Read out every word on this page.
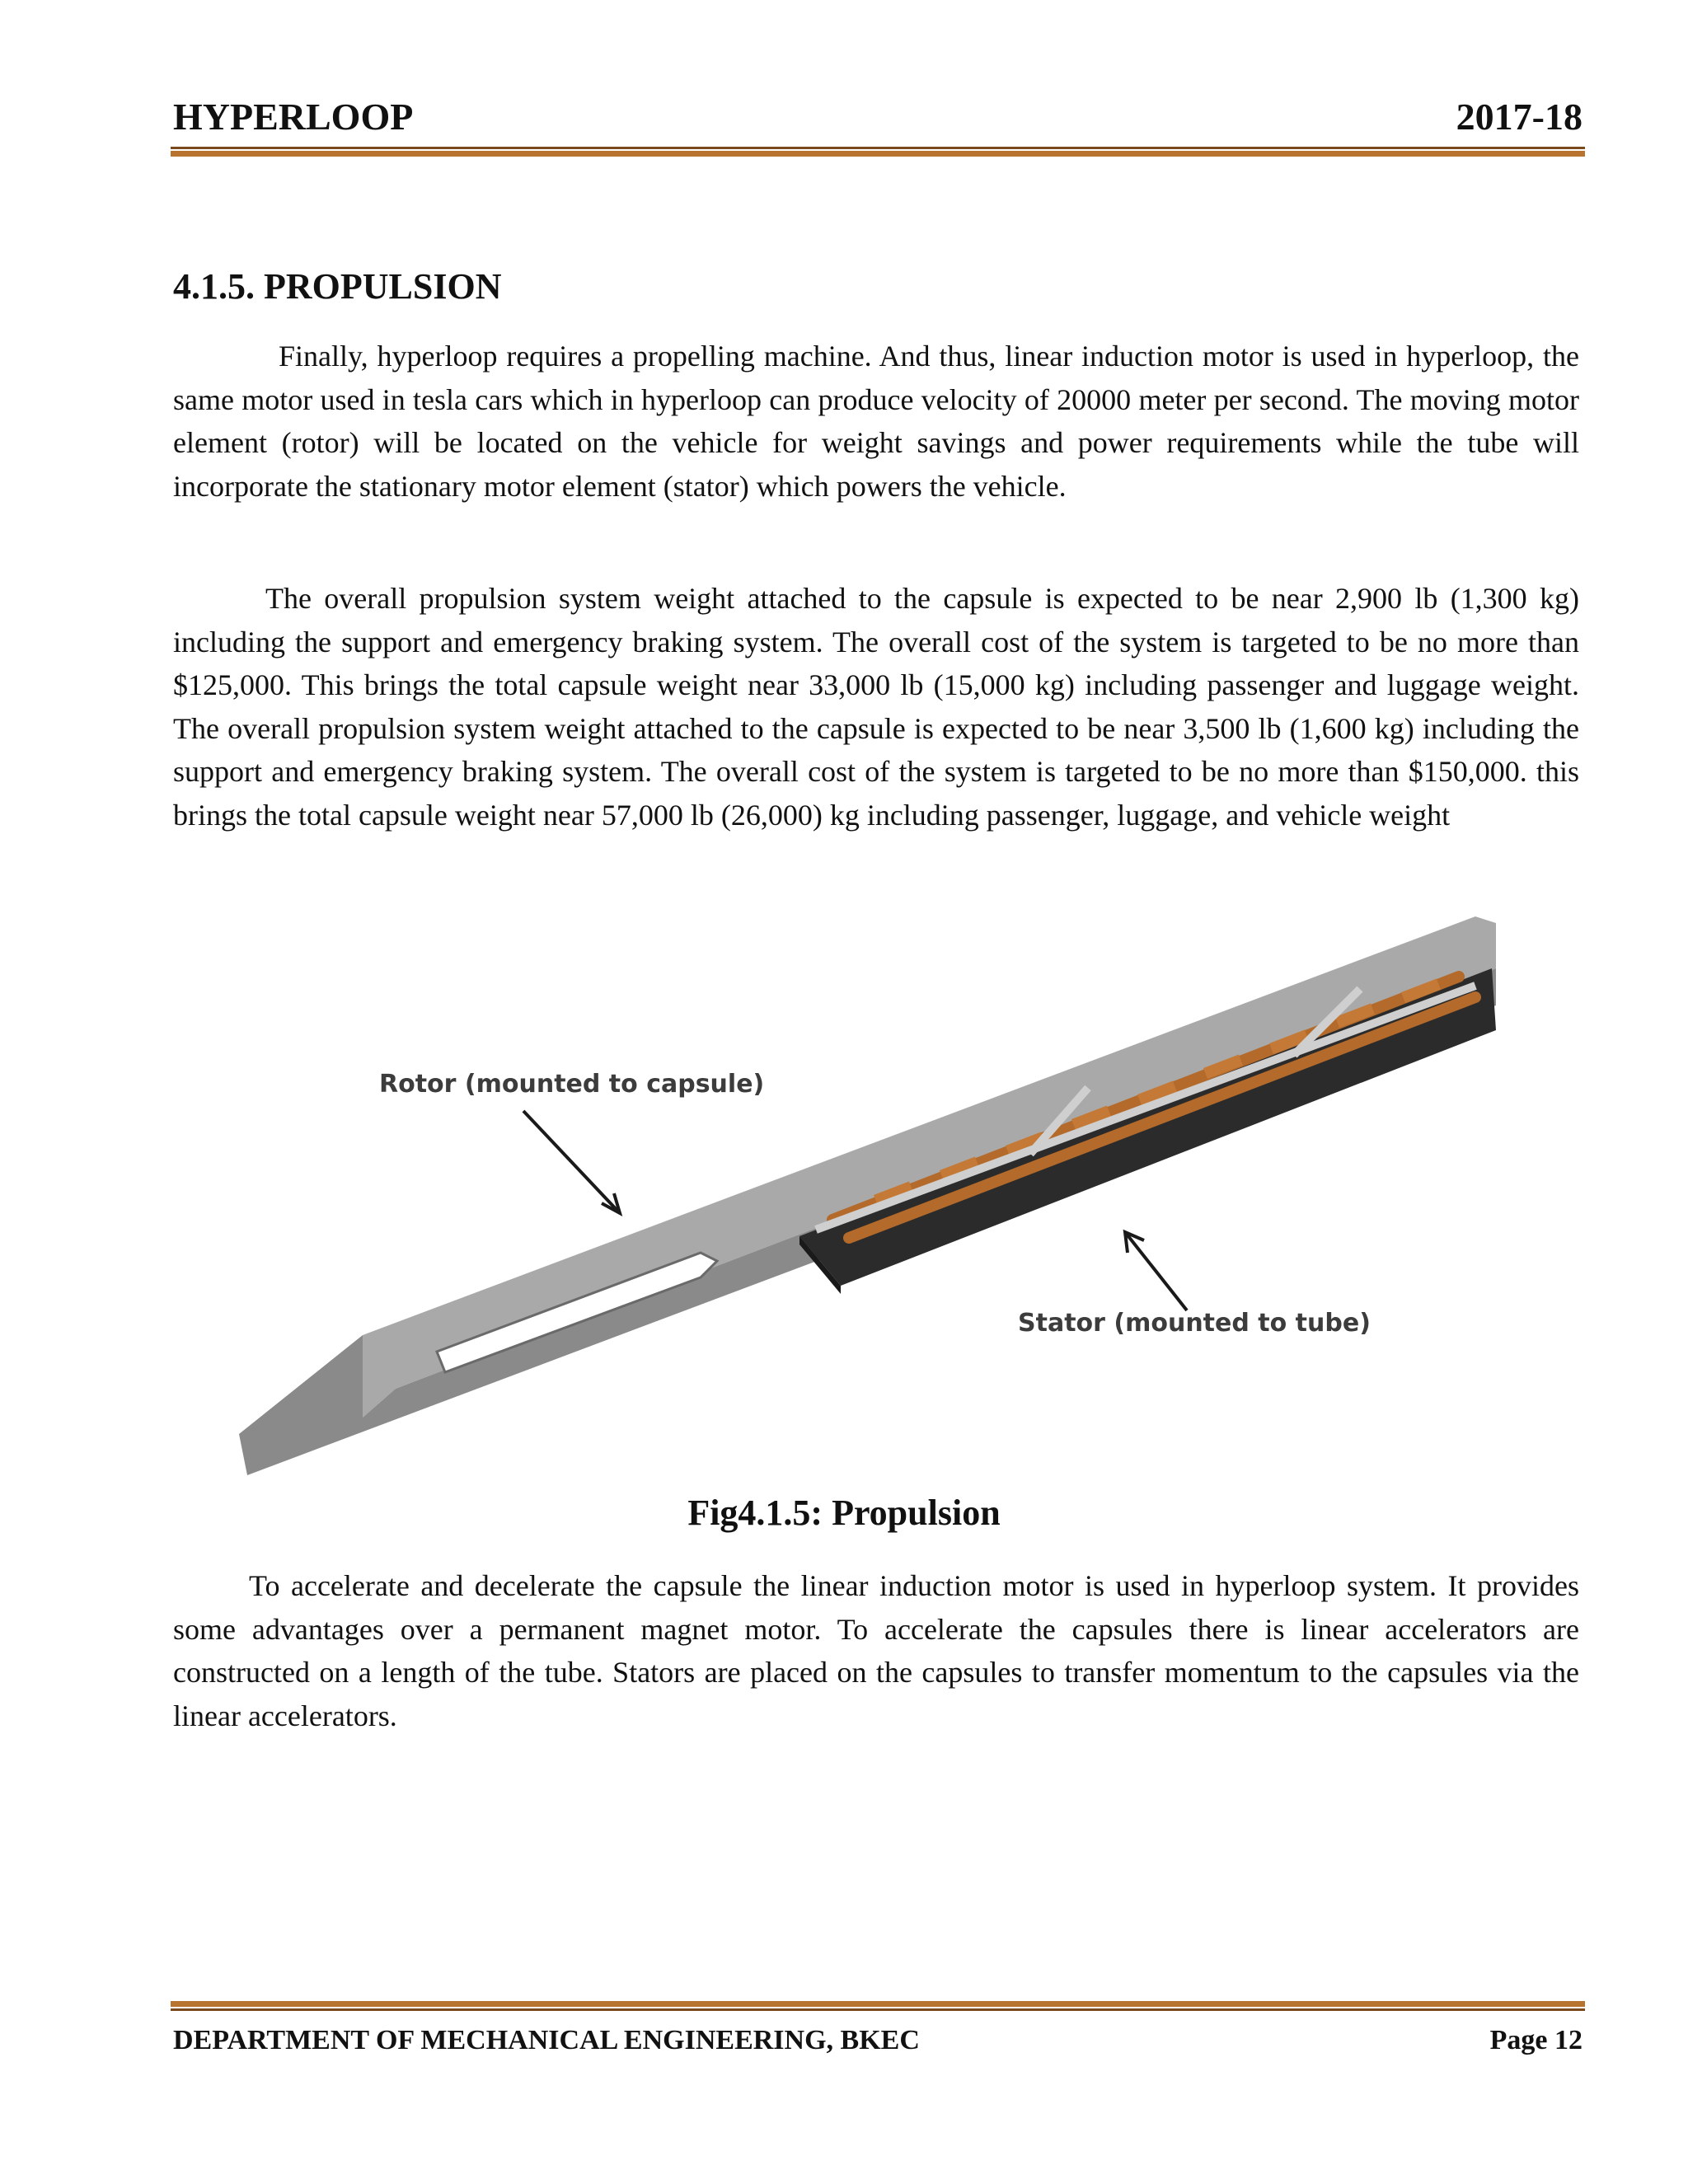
HYPERLOOP	2017-18
4.1.5. PROPULSION

Finally, hyperloop requires a propelling machine. And thus, linear induction motor is used in hyperloop, the same motor used in tesla cars which in hyperloop can produce velocity of 20000 meter per second. The moving motor element (rotor) will be located on the vehicle for weight savings and power requirements while the tube will incorporate the stationary motor element (stator) which powers the vehicle.

The overall propulsion system weight attached to the capsule is expected to be near 2,900 lb (1,300 kg) including the support and emergency braking system. The overall cost of the system is targeted to be no more than $125,000. This brings the total capsule weight near 33,000 lb (15,000 kg) including passenger and luggage weight. The overall propulsion system weight attached to the capsule is expected to be near 3,500 lb (1,600 kg) including the support and emergency braking system. The overall cost of the system is targeted to be no more than $150,000. this brings the total capsule weight near 57,000 lb (26,000) kg including passenger, luggage, and vehicle weight

Rotor (mounted to capsule)
Stator (mounted to tube)
Fig4.1.5: Propulsion

To accelerate and decelerate the capsule the linear induction motor is used in hyperloop system. It provides some advantages over a permanent magnet motor. To accelerate the capsules there is linear accelerators are constructed on a length of the tube. Stators are placed on the capsules to transfer momentum to the capsules via the linear accelerators.

DEPARTMENT OF MECHANICAL ENGINEERING, BKEC	Page 12
